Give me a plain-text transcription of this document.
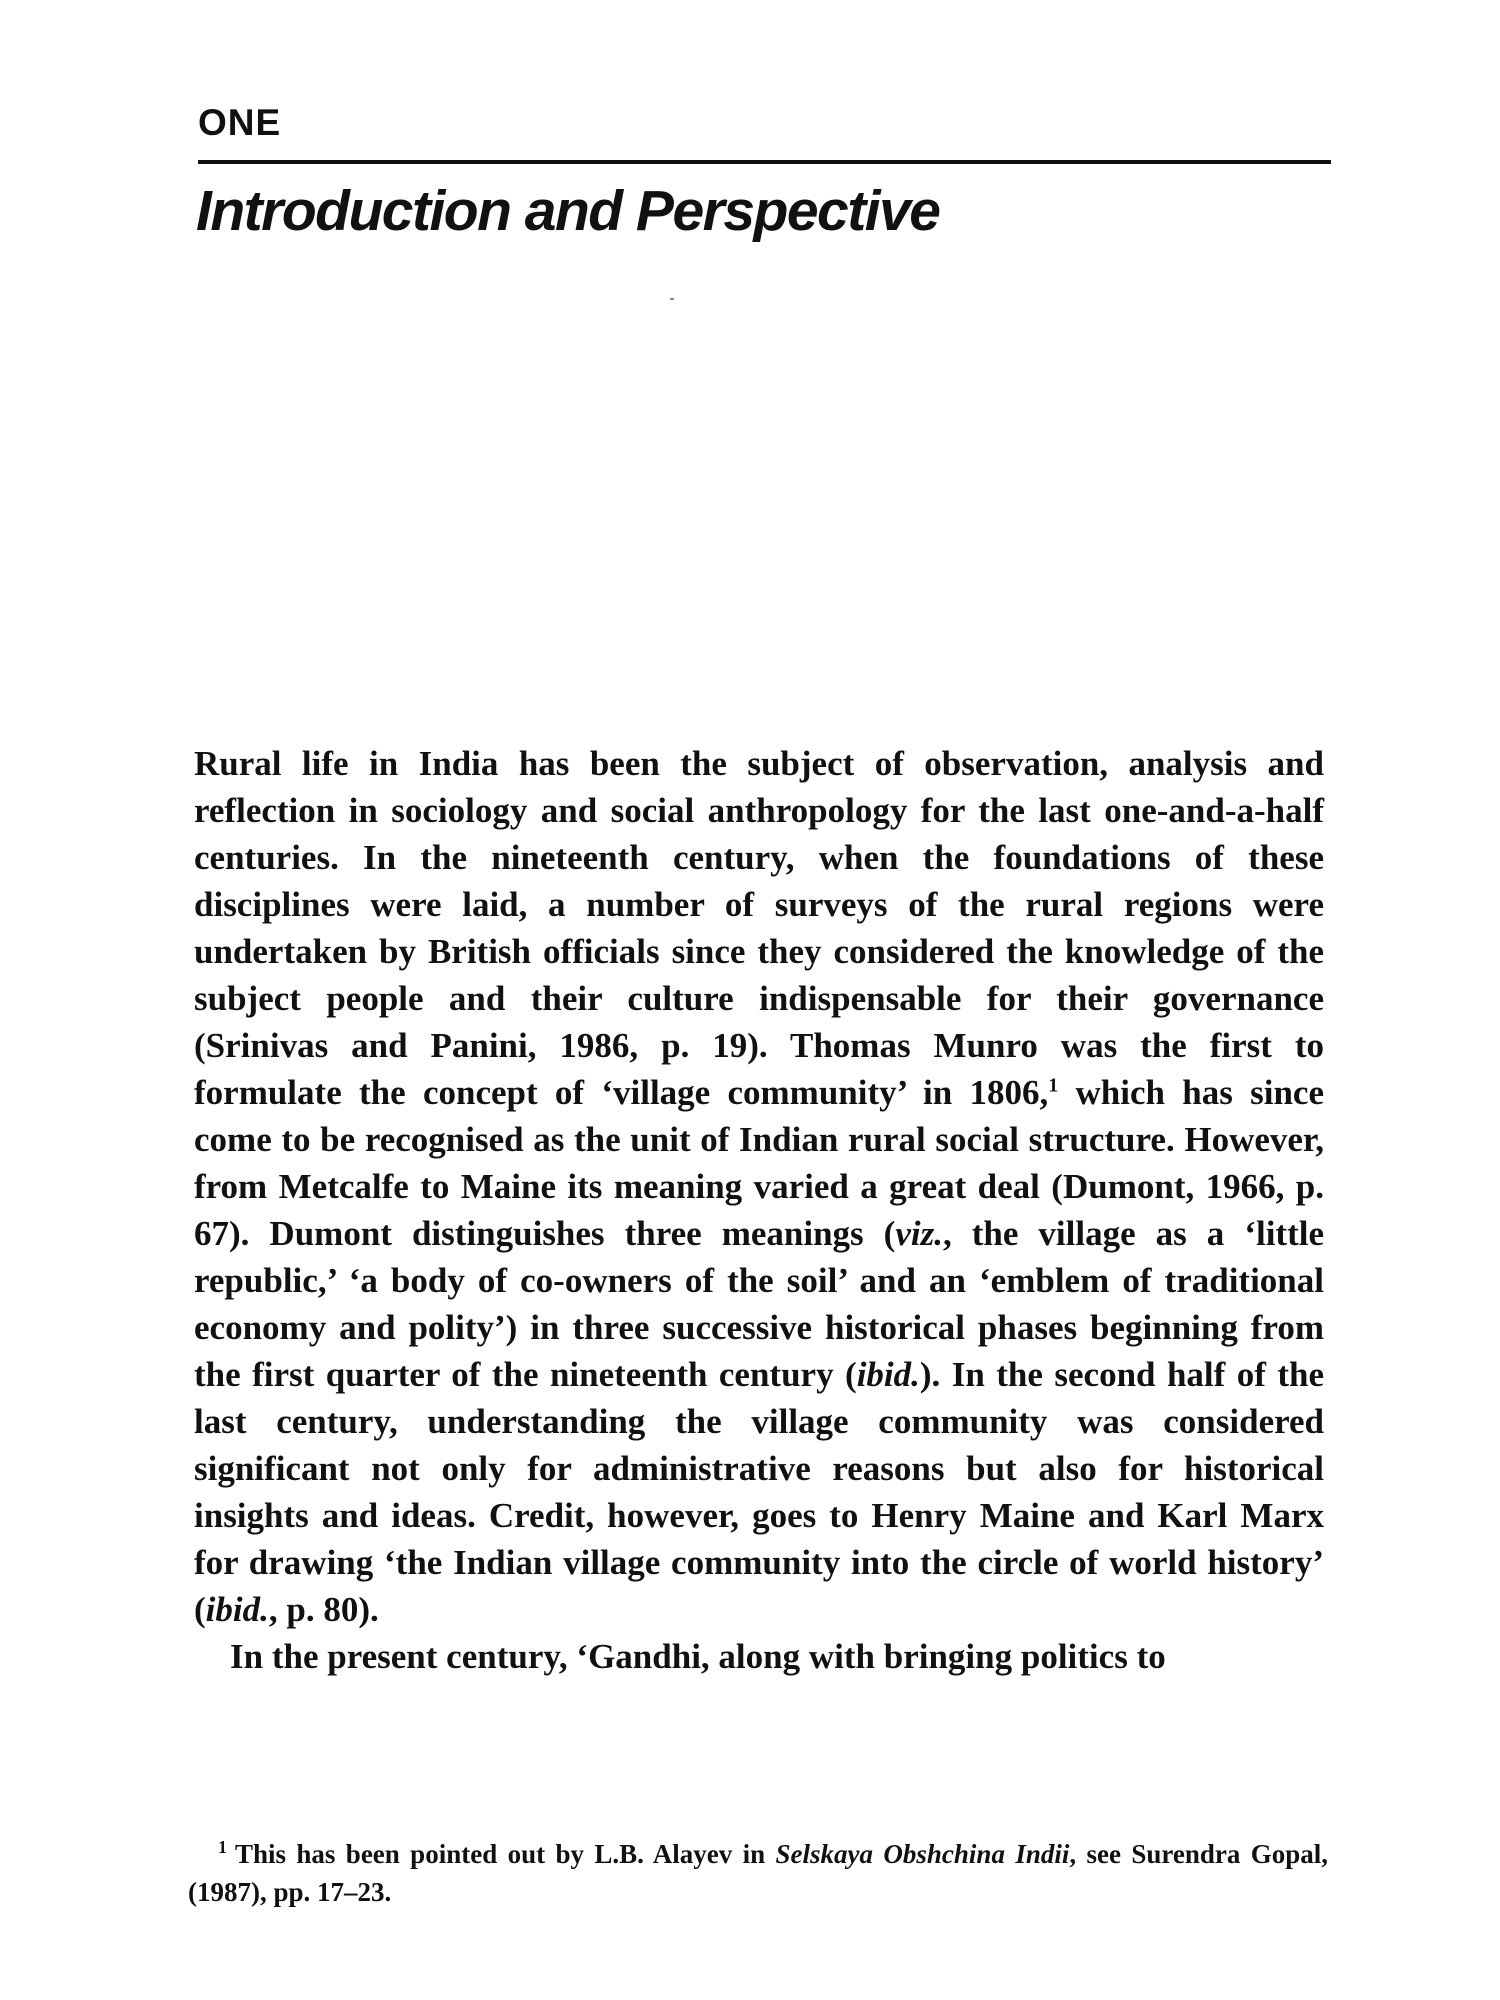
ONE
Introduction and Perspective

Rural life in India has been the subject of observation, analysis and reflection in sociology and social anthropology for the last one-and-a-half centuries. In the nineteenth century, when the foundations of these disciplines were laid, a number of surveys of the rural regions were undertaken by British officials since they considered the knowledge of the subject people and their culture indispensable for their governance (Srinivas and Panini, 1986, p. 19). Thomas Munro was the first to formulate the concept of ‘village community’ in 1806,$^1$ which has since come to be recognised as the unit of Indian rural social structure. However, from Metcalfe to Maine its meaning varied a great deal (Dumont, 1966, p. 67). Dumont distinguishes three meanings (viz., the village as a ‘little republic,’ ‘a body of co-owners of the soil’ and an ‘emblem of traditional economy and polity’) in three successive historical phases beginning from the first quarter of the nineteenth century (ibid.). In the second half of the last century, understanding the village community was considered significant not only for administrative reasons but also for historical insights and ideas. Credit, however, goes to Henry Maine and Karl Marx for drawing ‘the Indian village community into the circle of world history’ (ibid., p. 80).

In the present century, ‘Gandhi, along with bringing politics to

$^1$ This has been pointed out by L.B. Alayev in Selskaya Obshchina Indii, see Surendra Gopal, (1987), pp. 17–23.
